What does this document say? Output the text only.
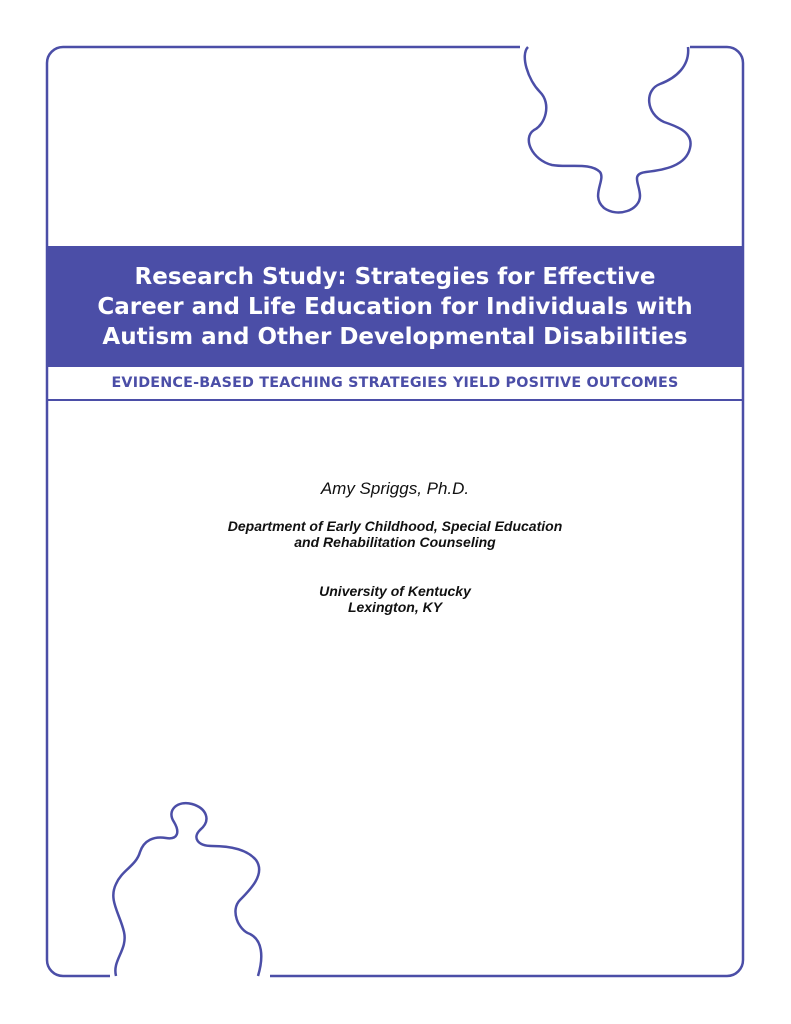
Research Study: Strategies for Effective
Career and Life Education for Individuals with
Autism and Other Developmental Disabilities
EVIDENCE-BASED TEACHING STRATEGIES YIELD POSITIVE OUTCOMES
Amy Spriggs, Ph.D.
Department of Early Childhood, Special Education
and Rehabilitation Counseling
University of Kentucky
Lexington, KY
